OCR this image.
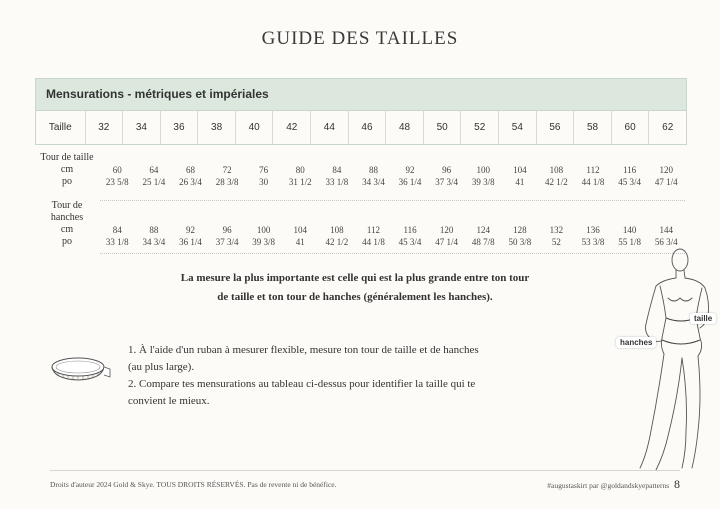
GUIDE DES TAILLES
Mensurations - métriques et impériales
Taille	32	34	36	38	40	42	44	46	48	50	52	54	56	58	60	62
Tour de taille
cm	60	64	68	72	76	80	84	88	92	96	100	104	108	112	116	120
po	23 5/8	25 1/4	26 3/4	28 3/8	30	31 1/2	33 1/8	34 3/4	36 1/4	37 3/4	39 3/8	41	42 1/2	44 1/8	45 3/4	47 1/4
Tour de
hanches
cm	84	88	92	96	100	104	108	112	116	120	124	128	132	136	140	144
po	33 1/8	34 3/4	36 1/4	37 3/4	39 3/8	41	42 1/2	44 1/8	45 3/4	47 1/4	48 7/8	50 3/8	52	53 3/8	55 1/8	56 3/4
La mesure la plus importante est celle qui est la plus grande entre ton tour
de taille et ton tour de hanches (généralement les hanches).

1. À l'aide d'un ruban à mesurer flexible, mesure ton tour de taille et de hanches

(au plus large).

2. Compare tes mensurations au tableau ci-dessus pour identifier la taille qui te

convient le mieux.

taille
hanches
Droits d'auteur 2024 Gold & Skye. TOUS DROITS RÉSERVÉS. Pas de revente ni de bénéfice.	#augustaskirt par @goldandskyepatterns 8
